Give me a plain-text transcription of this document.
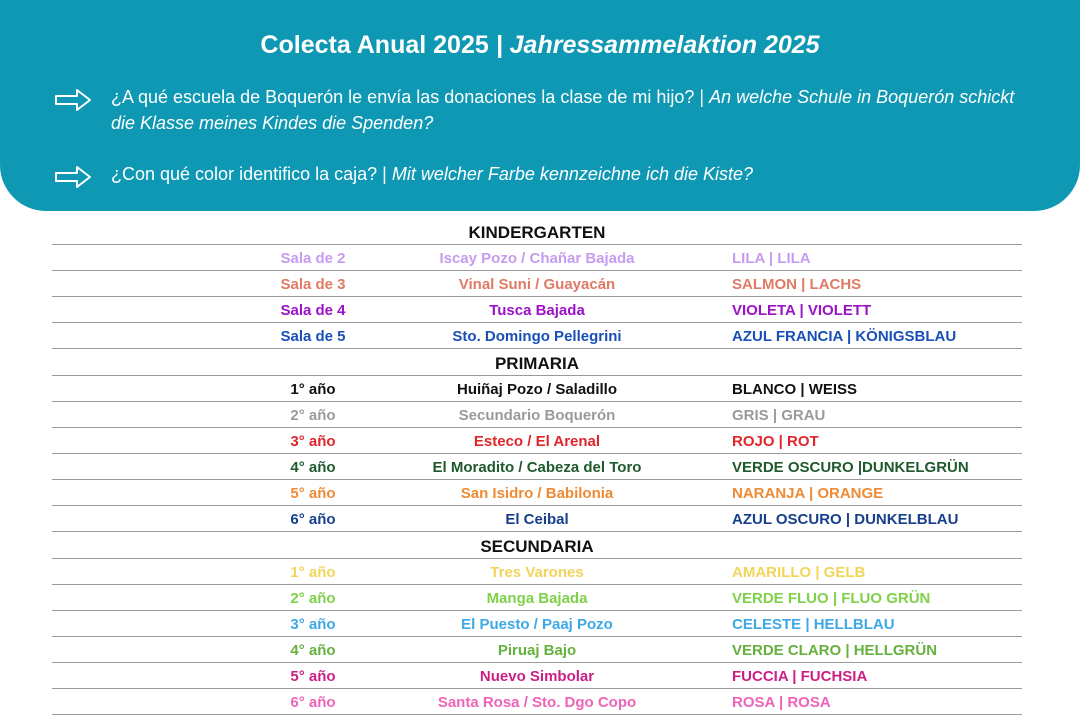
Colecta Anual 2025 | Jahressammelaktion 2025
¿A qué escuela de Boquerón le envía las donaciones la clase de mi hijo? | An welche Schule in Boquerón schickt die Klasse meines Kindes die Spenden?
¿Con qué color identifico la caja? | Mit welcher Farbe kennzeichne ich die Kiste?
KINDERGARTEN
Sala de 2	Iscay Pozo / Chañar Bajada	LILA | LILA
Sala de 3	Vinal Suni / Guayacán	SALMON | LACHS
Sala de 4	Tusca Bajada	VIOLETA | VIOLETT
Sala de 5	Sto. Domingo Pellegrini	AZUL FRANCIA | KÖNIGSBLAU
PRIMARIA
1° año	Huiñaj Pozo / Saladillo	BLANCO | WEISS
2° año	Secundario Boquerón	GRIS | GRAU
3° año	Esteco / El Arenal	ROJO | ROT
4° año	El Moradito / Cabeza del Toro	VERDE OSCURO |DUNKELGRÜN
5° año	San Isidro / Babilonia	NARANJA | ORANGE
6° año	El Ceibal	AZUL OSCURO | DUNKELBLAU
SECUNDARIA
1° año	Tres Varones	AMARILLO | GELB
2° año	Manga Bajada	VERDE FLUO | FLUO GRÜN
3° año	El Puesto / Paaj Pozo	CELESTE | HELLBLAU
4° año	Piruaj Bajo	VERDE CLARO | HELLGRÜN
5° año	Nuevo Simbolar	FUCCIA | FUCHSIA
6° año	Santa Rosa / Sto. Dgo Copo	ROSA | ROSA
